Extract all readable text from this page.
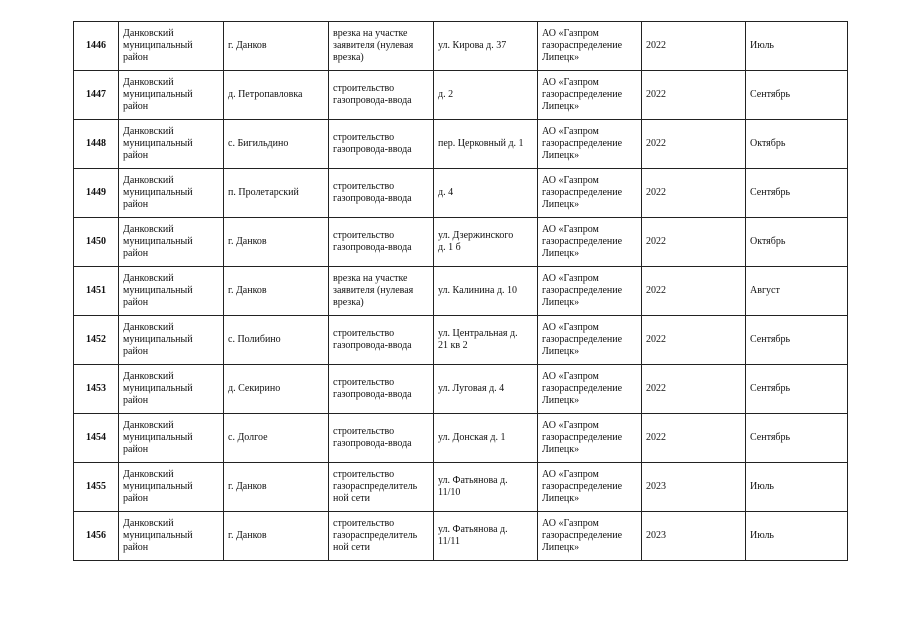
1446	Данковский
муниципальный
район	г. Данков	врезка на участке
заявителя (нулевая
врезка)	ул. Кирова д. 37	АО «Газпром
газораспределение
Липецк»	2022	Июль

1447	Данковский
муниципальный
район	д. Петропавловка	строительство
газопровода-ввода	д. 2	АО «Газпром
газораспределение
Липецк»	2022	Сентябрь

1448	Данковский
муниципальный
район	с. Бигильдино	строительство
газопровода-ввода	пер. Церковный д. 1	АО «Газпром
газораспределение
Липецк»	2022	Октябрь

1449	Данковский
муниципальный
район	п. Пролетарский	строительство
газопровода-ввода	д. 4	АО «Газпром
газораспределение
Липецк»	2022	Сентябрь

1450	Данковский
муниципальный
район	г. Данков	строительство
газопровода-ввода	ул. Дзержинского
д. 1 б	АО «Газпром
газораспределение
Липецк»	2022	Октябрь

1451	Данковский
муниципальный
район	г. Данков	врезка на участке
заявителя (нулевая
врезка)	ул. Калинина д. 10	АО «Газпром
газораспределение
Липецк»	2022	Август

1452	Данковский
муниципальный
район	с. Полибино	строительство
газопровода-ввода	ул. Центральная д.
21 кв 2	АО «Газпром
газораспределение
Липецк»	2022	Сентябрь

1453	Данковский
муниципальный
район	д. Секирино	строительство
газопровода-ввода	ул. Луговая д. 4	АО «Газпром
газораспределение
Липецк»	2022	Сентябрь

1454	Данковский
муниципальный
район	с. Долгое	строительство
газопровода-ввода	ул. Донская д. 1	АО «Газпром
газораспределение
Липецк»	2022	Сентябрь

1455	Данковский
муниципальный
район	г. Данков	строительство
газораспределитель
ной сети	ул. Фатьянова д.
11/10	АО «Газпром
газораспределение
Липецк»	2023	Июль

1456	Данковский
муниципальный
район	г. Данков	строительство
газораспределитель
ной сети	ул. Фатьянова д.
11/11	АО «Газпром
газораспределение
Липецк»	2023	Июль
